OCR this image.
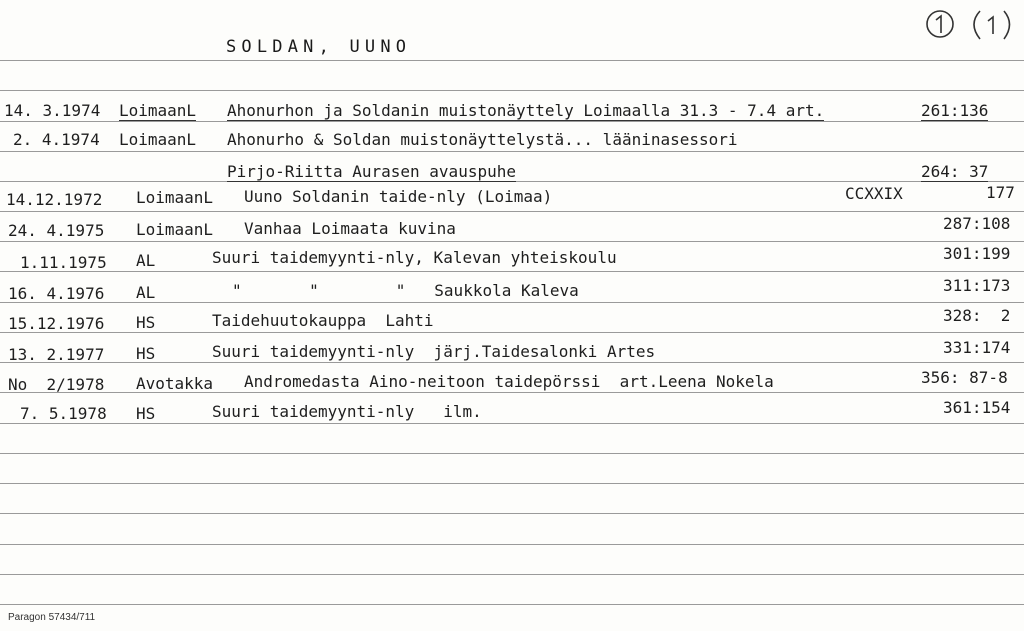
SOLDAN, UUNO
(1)(1)
14. 3.1974 LoimaanL Ahonurhon ja Soldanin muistonäyttely Loimaalla 31.3 - 7.4 art.	261:136
2. 4.1974 LoimaanL Ahonurho & Soldan muistonäyttelystä... lääninasessori
Pirjo-Riitta Aurasen avauspuhe	264: 37
14.12.1972 LoimaanL Uuno Soldanin taide-nly (Loimaa)	CCXXIX	177
24. 4.1975 LoimaanL Vanhaa Loimaata kuvina	287:108
1.11.1975 AL	Suuri taidemyynti-nly, Kalevan yhteiskoulu	301:199
16. 4.1976 AL	"       "        "   Saukkola Kaleva	311:173
15.12.1976 HS	Taidehuutokauppa  Lahti	328:  2
13. 2.1977 HS	Suuri taidemyynti-nly  järj.Taidesalonki Artes	331:174
No  2/1978 Avotakka Andromedasta Aino-neitoon taidepörssi  art.Leena Nokela	356: 87-8
7. 5.1978 HS	Suuri taidemyynti-nly   ilm.	361:154
Paragon 57434/711
